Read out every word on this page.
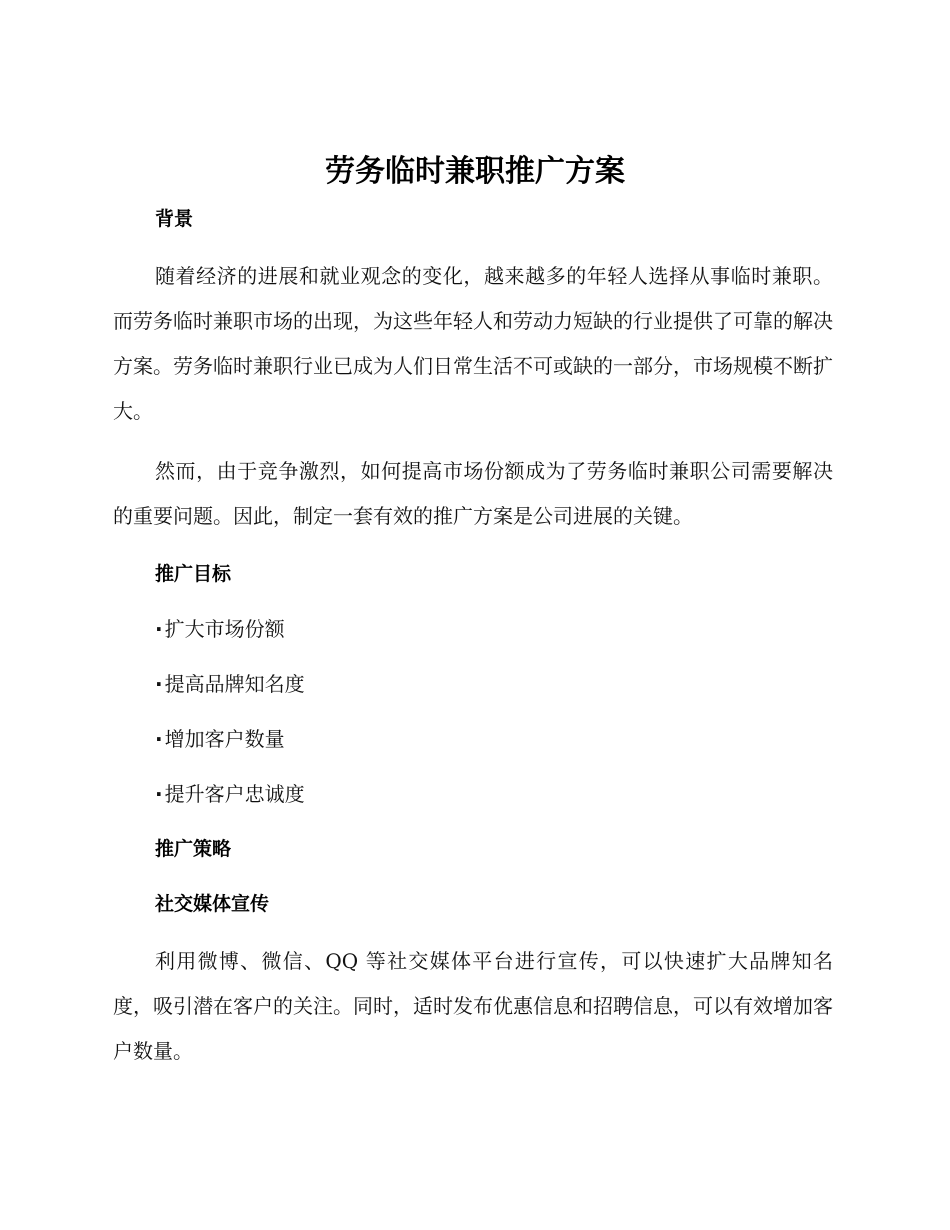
劳务临时兼职推广方案
背景

随着经济的进展和就业观念的变化，越来越多的年轻人选择从事临时兼职。而劳务临时兼职市场的出现，为这些年轻人和劳动力短缺的行业提供了可靠的解决方案。劳务临时兼职行业已成为人们日常生活不可或缺的一部分，市场规模不断扩大。

然而，由于竞争激烈，如何提高市场份额成为了劳务临时兼职公司需要解决的重要问题。因此，制定一套有效的推广方案是公司进展的关键。

推广目标
· 扩大市场份额
· 提高品牌知名度
· 增加客户数量
· 提升客户忠诚度
推广策略
社交媒体宣传

利用微博、微信、QQ 等社交媒体平台进行宣传，可以快速扩大品牌知名度，吸引潜在客户的关注。同时，适时发布优惠信息和招聘信息，可以有效增加客户数量。
